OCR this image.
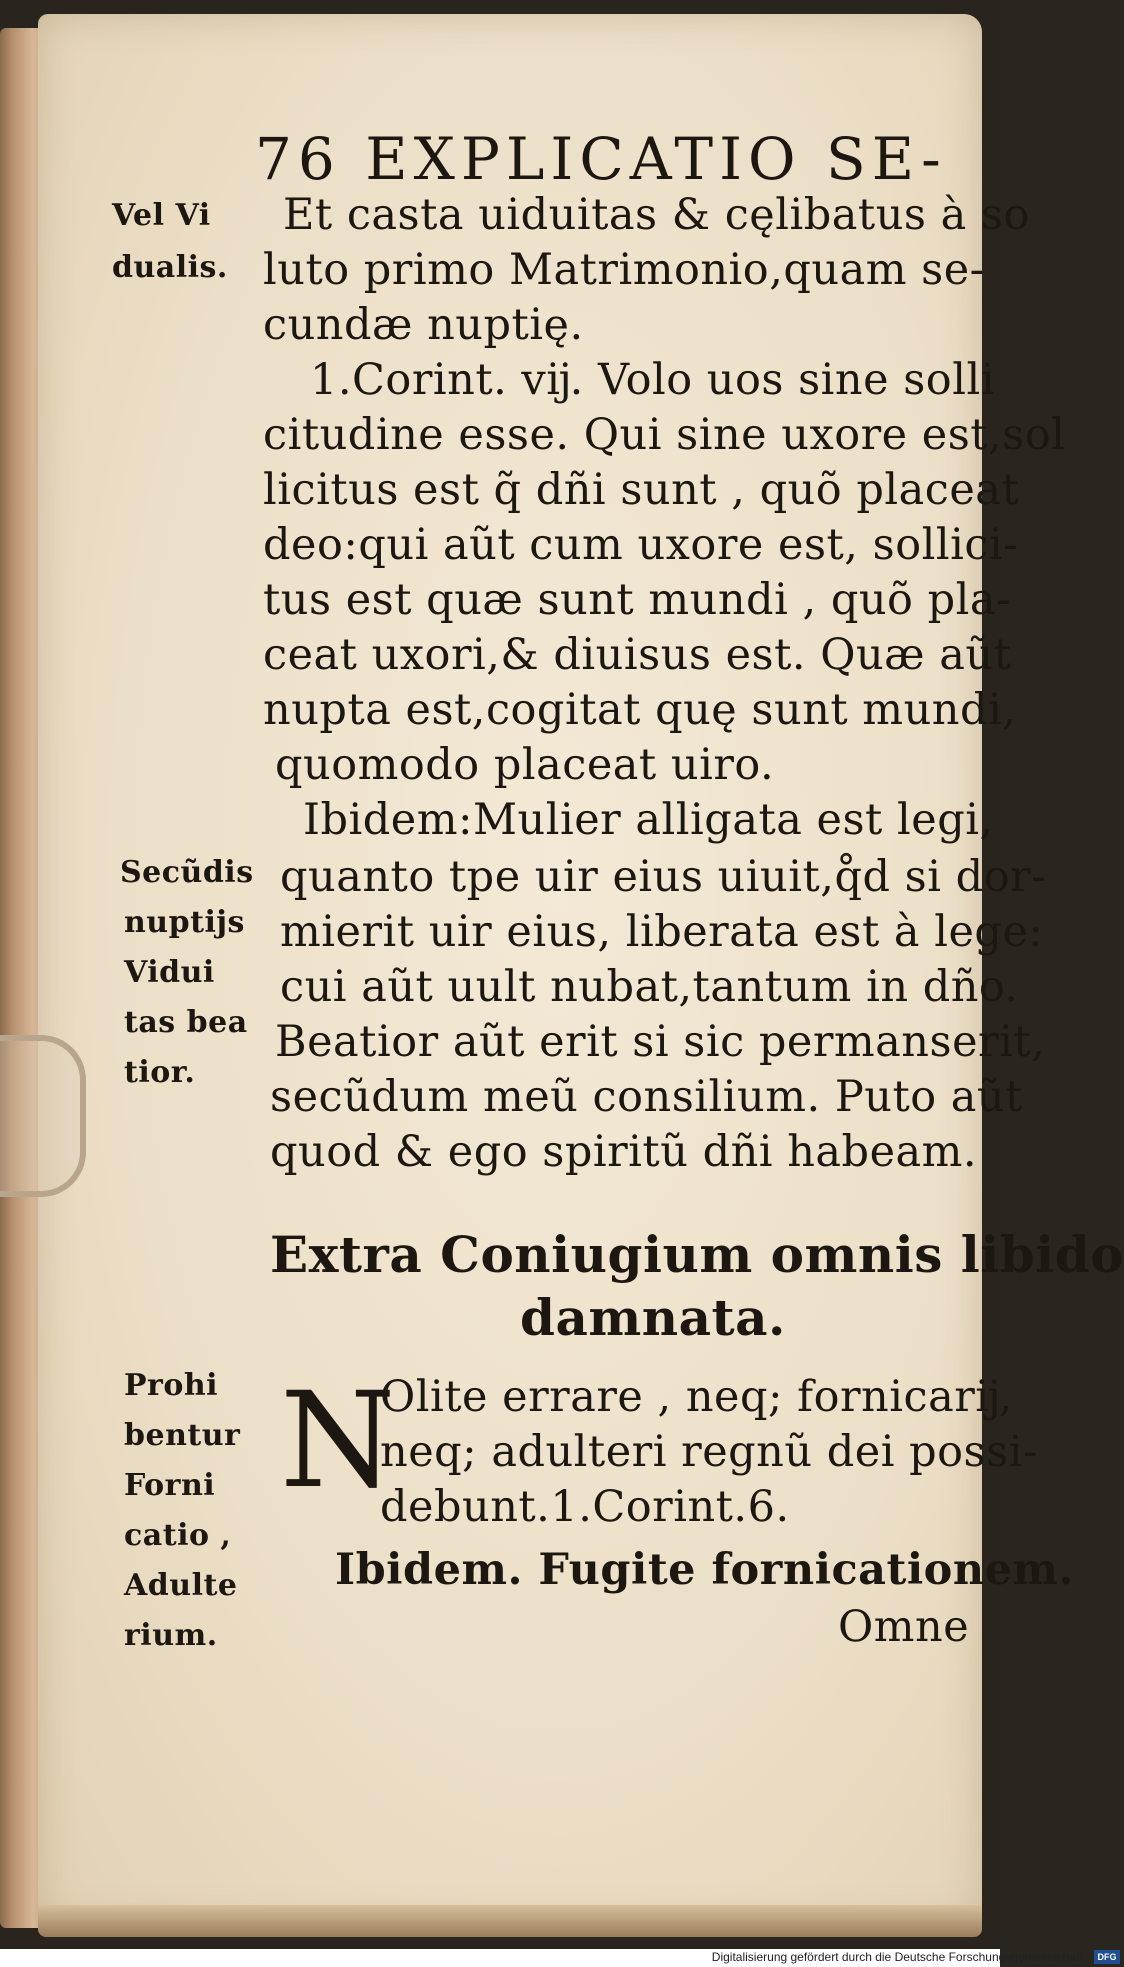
76 EXPLICATIO SE-
Vel Vi
dualis.
Secũdis
nuptĳs
Vidui
tas bea
tior.
Prohi
bentur
Forni
catio ,
Adulte
rium.
Et casta uiduitas & cęlibatus à so
luto primo Matrimonio,quam se-
cundæ nuptię.
1.Corint. vĳ. Volo uos sine solli
citudine esse. Qui sine uxore est,sol
licitus est q̃ dñi sunt , quõ placeat
deo:qui aũt cum uxore est, sollici-
tus est quæ sunt mundi , quõ pla-
ceat uxori,& diuisus est. Quæ aũt
nupta est,cogitat quę sunt mundi,
quomodo placeat uiro.
Ibidem:Mulier alligata est legi,
quanto tpe uir eius uiuit,q̊d si dor-
mierit uir eius, liberata est à lege:
cui aũt uult nubat,tantum in dño.
Beatior aũt erit si sic permanserit,
secũdum meũ consilium. Puto aũt
quod & ego spiritũ dñi habeam.
Extra Coniugium omnis libido
damnata.
N
Olite errare , neq; fornicarĳ,
neq; adulteri regnũ dei possi-
debunt.1.Corint.6.
Ibidem. Fugite fornicationem.
Omne
Digitalisierung gefördert durch die Deutsche Forschungsgemeinschaft - DFG
